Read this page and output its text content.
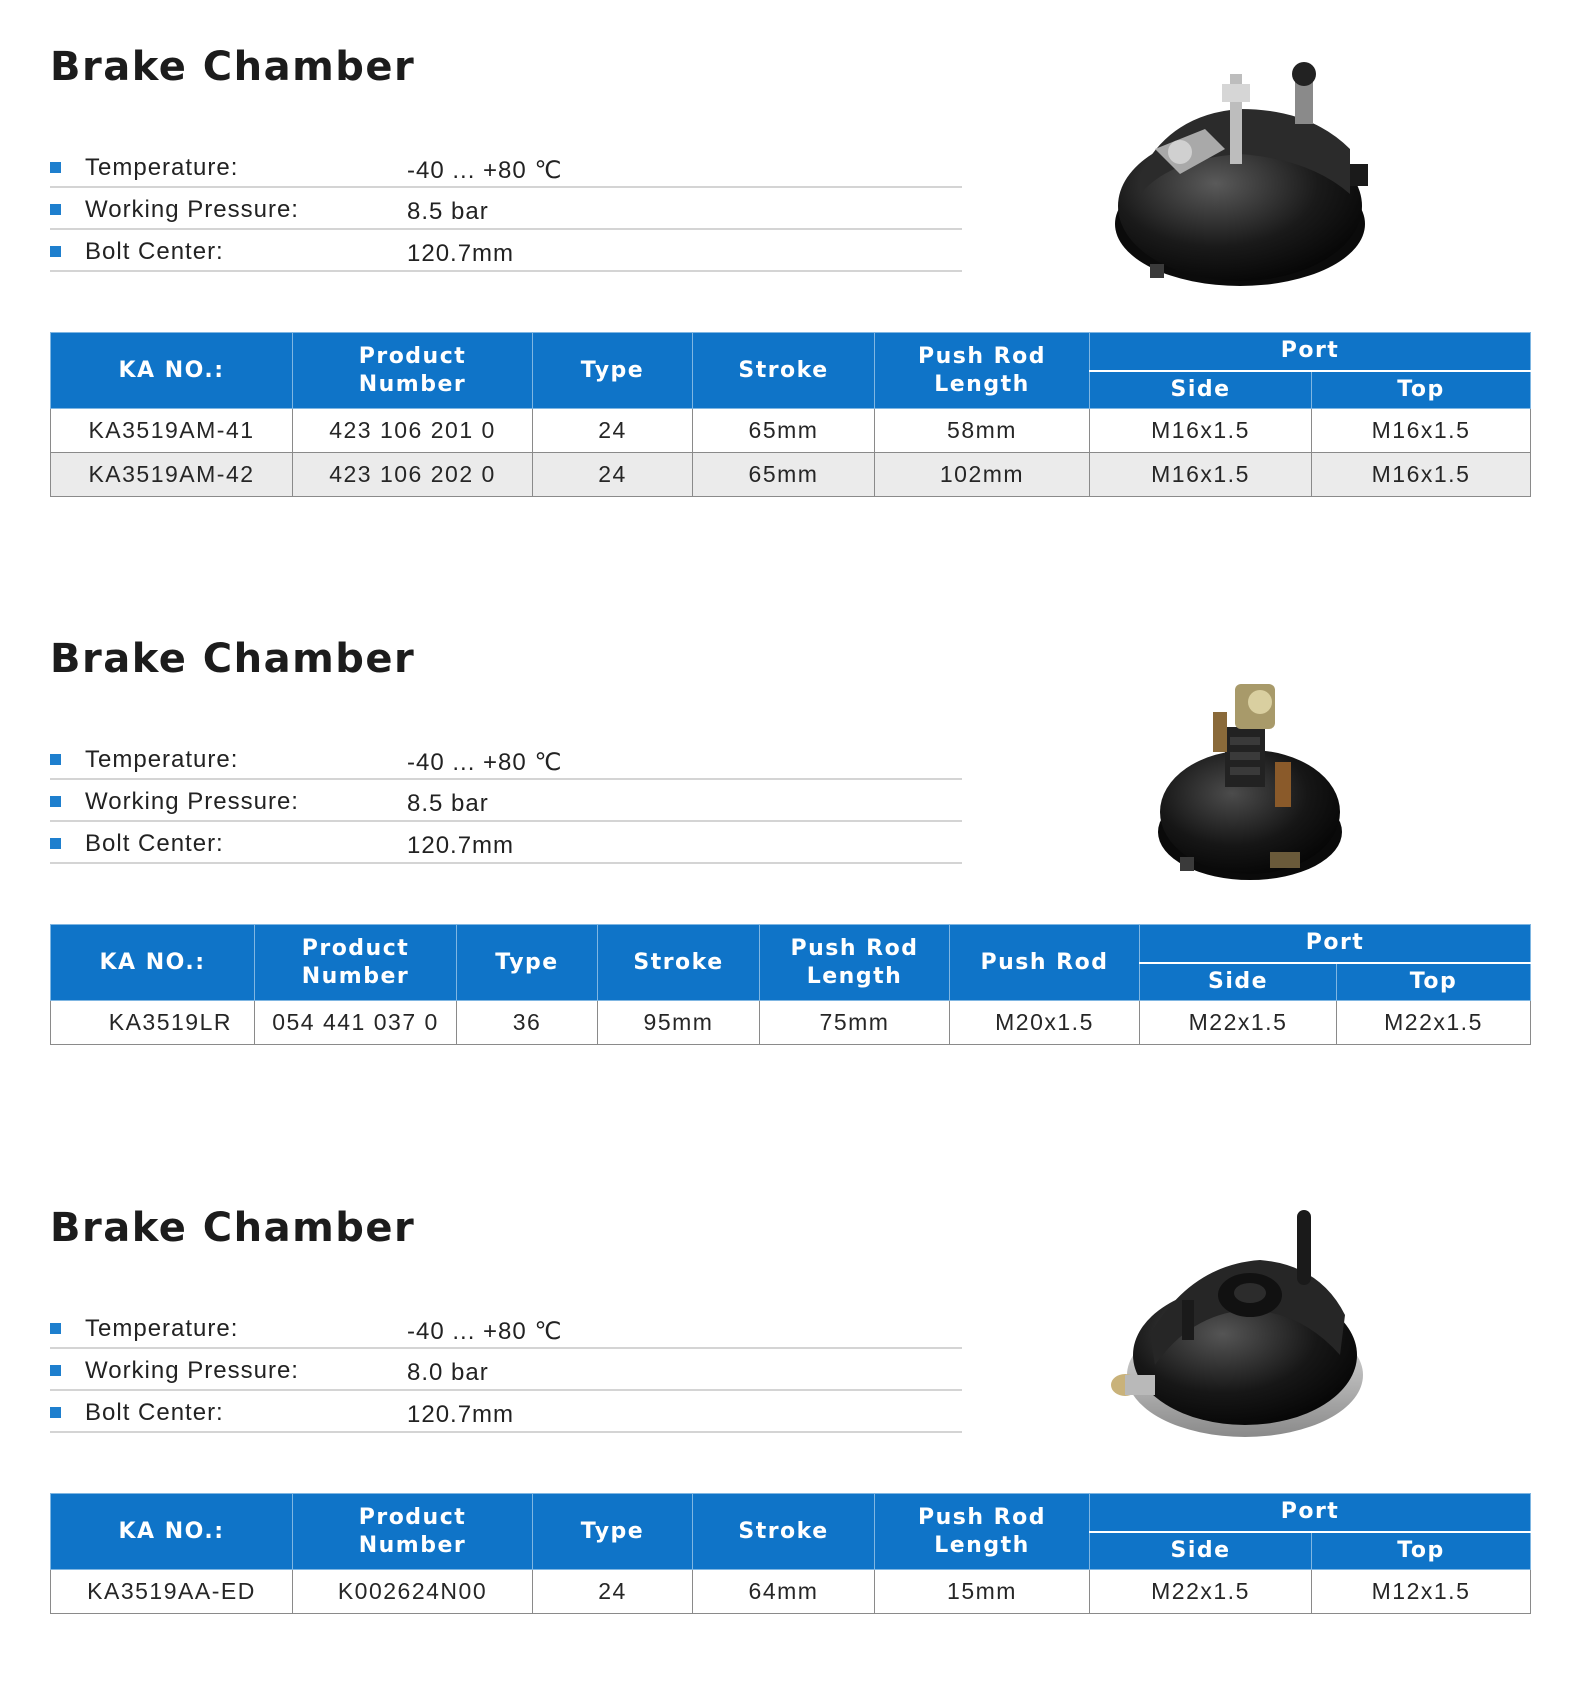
Brake Chamber
Temperature:	-40 ... +80 ℃
Working Pressure:	8.5 bar
Bolt Center:	120.7mm
KA NO.:	Product Number	Type	Stroke	Push Rod Length	Port	
					Side	Top
KA3519AM-41	423 106 201 0	24	65mm	58mm	M16x1.5	M16x1.5
KA3519AM-42	423 106 202 0	24	65mm	102mm	M16x1.5	M16x1.5
Brake Chamber
Temperature:	-40 ... +80 ℃
Working Pressure:	8.5 bar
Bolt Center:	120.7mm
KA NO.:	Product Number	Type	Stroke	Push Rod Length	Push Rod	Port	
						Side	Top
KA3519LR	054 441 037 0	36	95mm	75mm	M20x1.5	M22x1.5	M22x1.5
Brake Chamber
Temperature:	-40 ... +80 ℃
Working Pressure:	8.0 bar
Bolt Center:	120.7mm
KA NO.:	Product Number	Type	Stroke	Push Rod Length	Port	
					Side	Top
KA3519AA-ED	K002624N00	24	64mm	15mm	M22x1.5	M12x1.5
